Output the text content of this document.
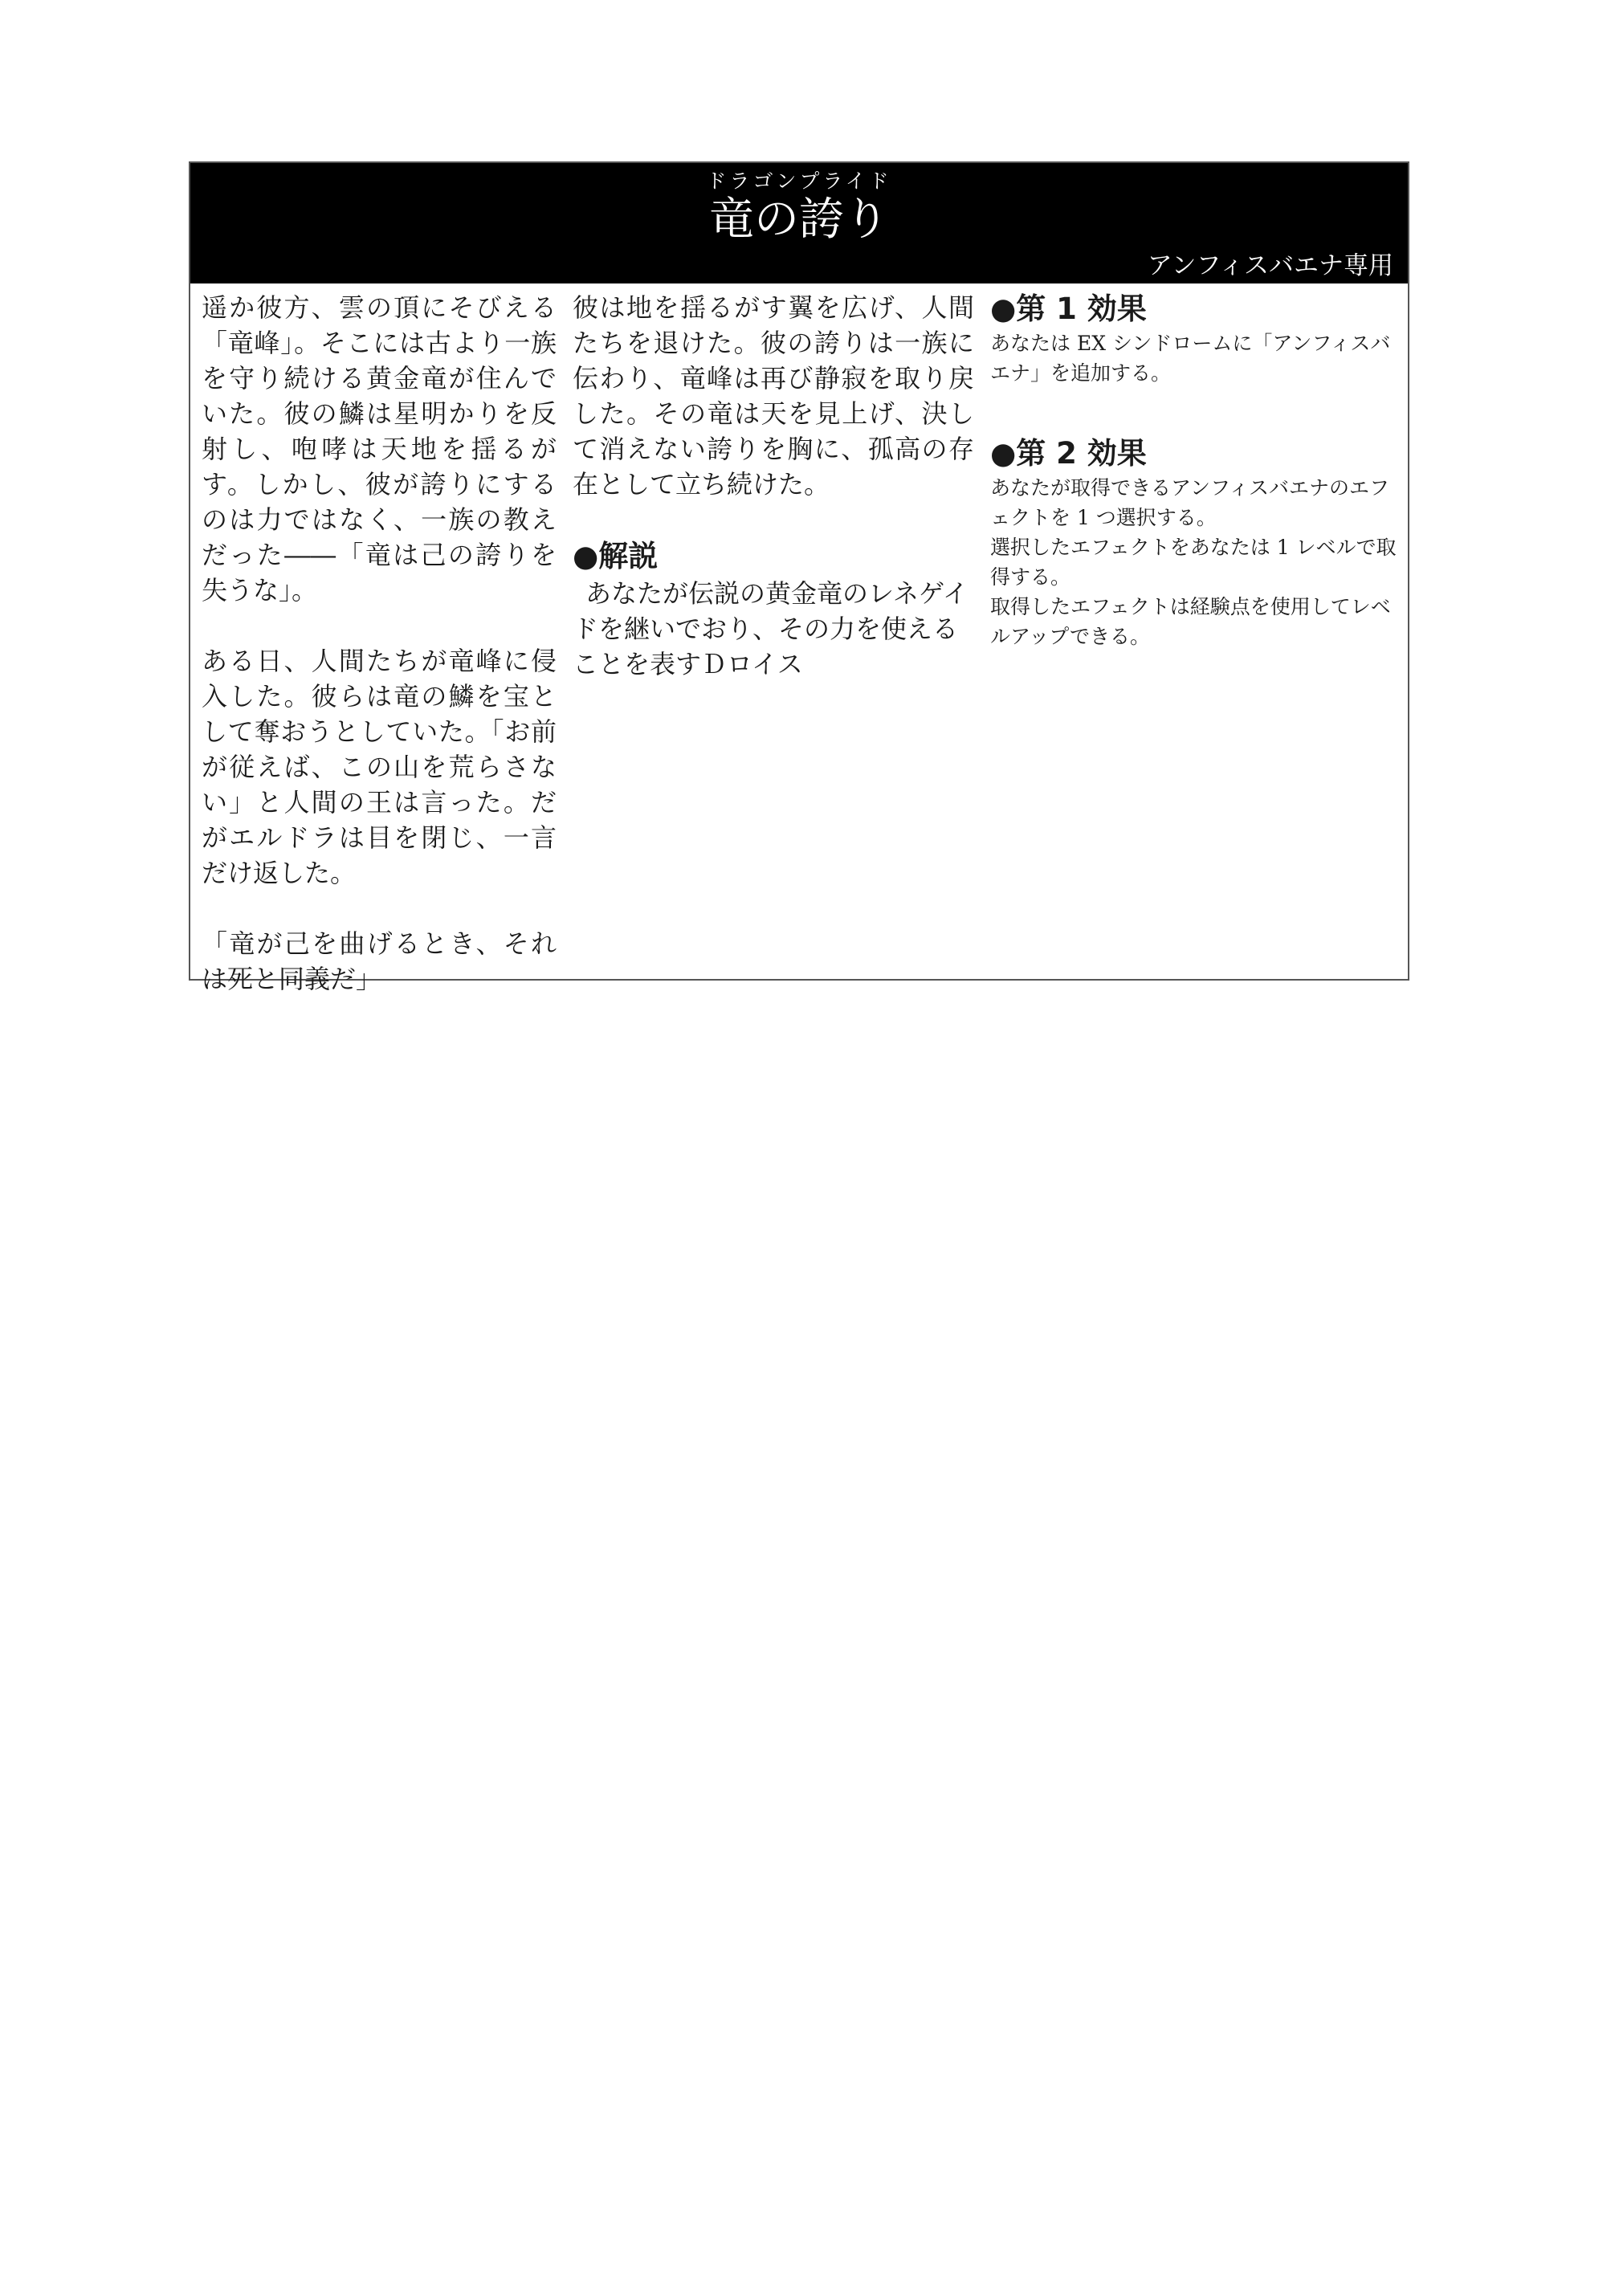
ドラゴンプライド
竜の誇り
アンフィスバエナ専用

遥か彼方、雲の頂にそびえる「竜峰」。そこには古より一族を守り続ける黄金竜が住んでいた。彼の鱗は星明かりを反射し、咆哮は天地を揺るがす。しかし、彼が誇りにするのは力ではなく、一族の教えだった――「竜は己の誇りを失うな」。

ある日、人間たちが竜峰に侵入した。彼らは竜の鱗を宝として奪おうとしていた。「お前が従えば、この山を荒らさない」と人間の王は言った。だがエルドラは目を閉じ、一言だけ返した。

「竜が己を曲げるとき、それは死と同義だ」

彼は地を揺るがす翼を広げ、人間たちを退けた。彼の誇りは一族に伝わり、竜峰は再び静寂を取り戻した。その竜は天を見上げ、決して消えない誇りを胸に、孤高の存在として立ち続けた。

●解説

あなたが伝説の黄金竜のレネゲイドを継いでおり、その力を使えることを表すＤロイス

●第 1 効果

あなたは EX シンドロームに「アンフィスバエナ」を追加する。

●第 2 効果

あなたが取得できるアンフィスバエナのエフェクトを 1 つ選択する。
選択したエフェクトをあなたは 1 レベルで取得する。
取得したエフェクトは経験点を使用してレベルアップできる。
